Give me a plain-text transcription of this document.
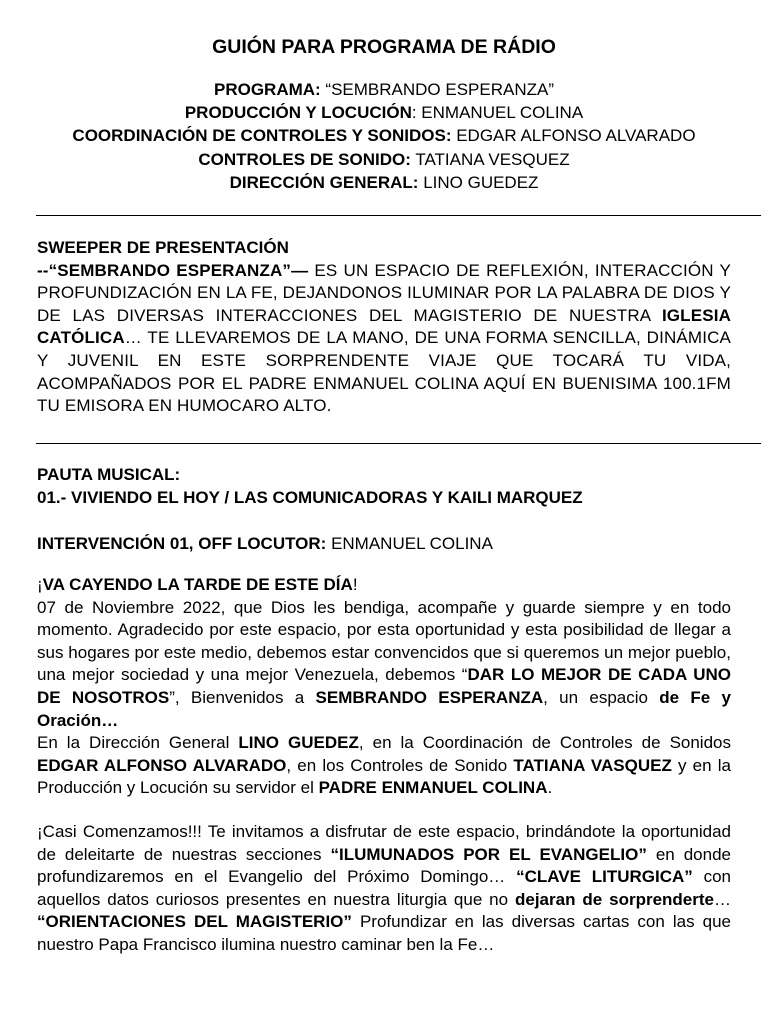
GUIÓN PARA PROGRAMA DE RÁDIO
PROGRAMA: “SEMBRANDO ESPERANZA”
PRODUCCIÓN Y LOCUCIÓN: ENMANUEL COLINA
COORDINACIÓN DE CONTROLES Y SONIDOS: EDGAR ALFONSO ALVARADO
CONTROLES DE SONIDO: TATIANA VESQUEZ
DIRECCIÓN GENERAL: LINO GUEDEZ
SWEEPER DE PRESENTACIÓN
--“SEMBRANDO ESPERANZA”— ES UN ESPACIO DE REFLEXIÓN, INTERACCIÓN Y PROFUNDIZACIÓN EN LA FE, DEJANDONOS ILUMINAR POR LA PALABRA DE DIOS Y DE LAS DIVERSAS INTERACCIONES DEL MAGISTERIO DE NUESTRA IGLESIA CATÓLICA… TE LLEVAREMOS DE LA MANO, DE UNA FORMA SENCILLA, DINÁMICA Y JUVENIL EN ESTE SORPRENDENTE VIAJE QUE TOCARÁ TU VIDA, ACOMPAÑADOS POR EL PADRE ENMANUEL COLINA AQUÍ EN BUENISIMA 100.1FM TU EMISORA EN HUMOCARO ALTO.
PAUTA MUSICAL:
01.- VIVIENDO EL HOY / LAS COMUNICADORAS Y KAILI MARQUEZ
INTERVENCIÓN 01, OFF LOCUTOR: ENMANUEL COLINA
¡VA CAYENDO LA TARDE DE ESTE DÍA!
07 de Noviembre 2022, que Dios les bendiga, acompañe y guarde siempre y en todo momento. Agradecido por este espacio, por esta oportunidad y esta posibilidad de llegar a sus hogares por este medio, debemos estar convencidos que si queremos un mejor pueblo, una mejor sociedad y una mejor Venezuela, debemos “DAR LO MEJOR DE CADA UNO DE NOSOTROS”, Bienvenidos a SEMBRANDO ESPERANZA, un espacio de Fe y Oración…
En la Dirección General LINO GUEDEZ, en la Coordinación de Controles de Sonidos EDGAR ALFONSO ALVARADO, en los Controles de Sonido TATIANA VASQUEZ y en la Producción y Locución su servidor el PADRE ENMANUEL COLINA.
¡Casi Comenzamos!!! Te invitamos a disfrutar de este espacio, brindándote la oportunidad de deleitarte de nuestras secciones “ILUMUNADOS POR EL EVANGELIO” en donde profundizaremos en el Evangelio del Próximo Domingo… “CLAVE LITURGICA” con aquellos datos curiosos presentes en nuestra liturgia que no dejaran de sorprenderte… “ORIENTACIONES DEL MAGISTERIO” Profundizar en las diversas cartas con las que nuestro Papa Francisco ilumina nuestro caminar ben la Fe…
